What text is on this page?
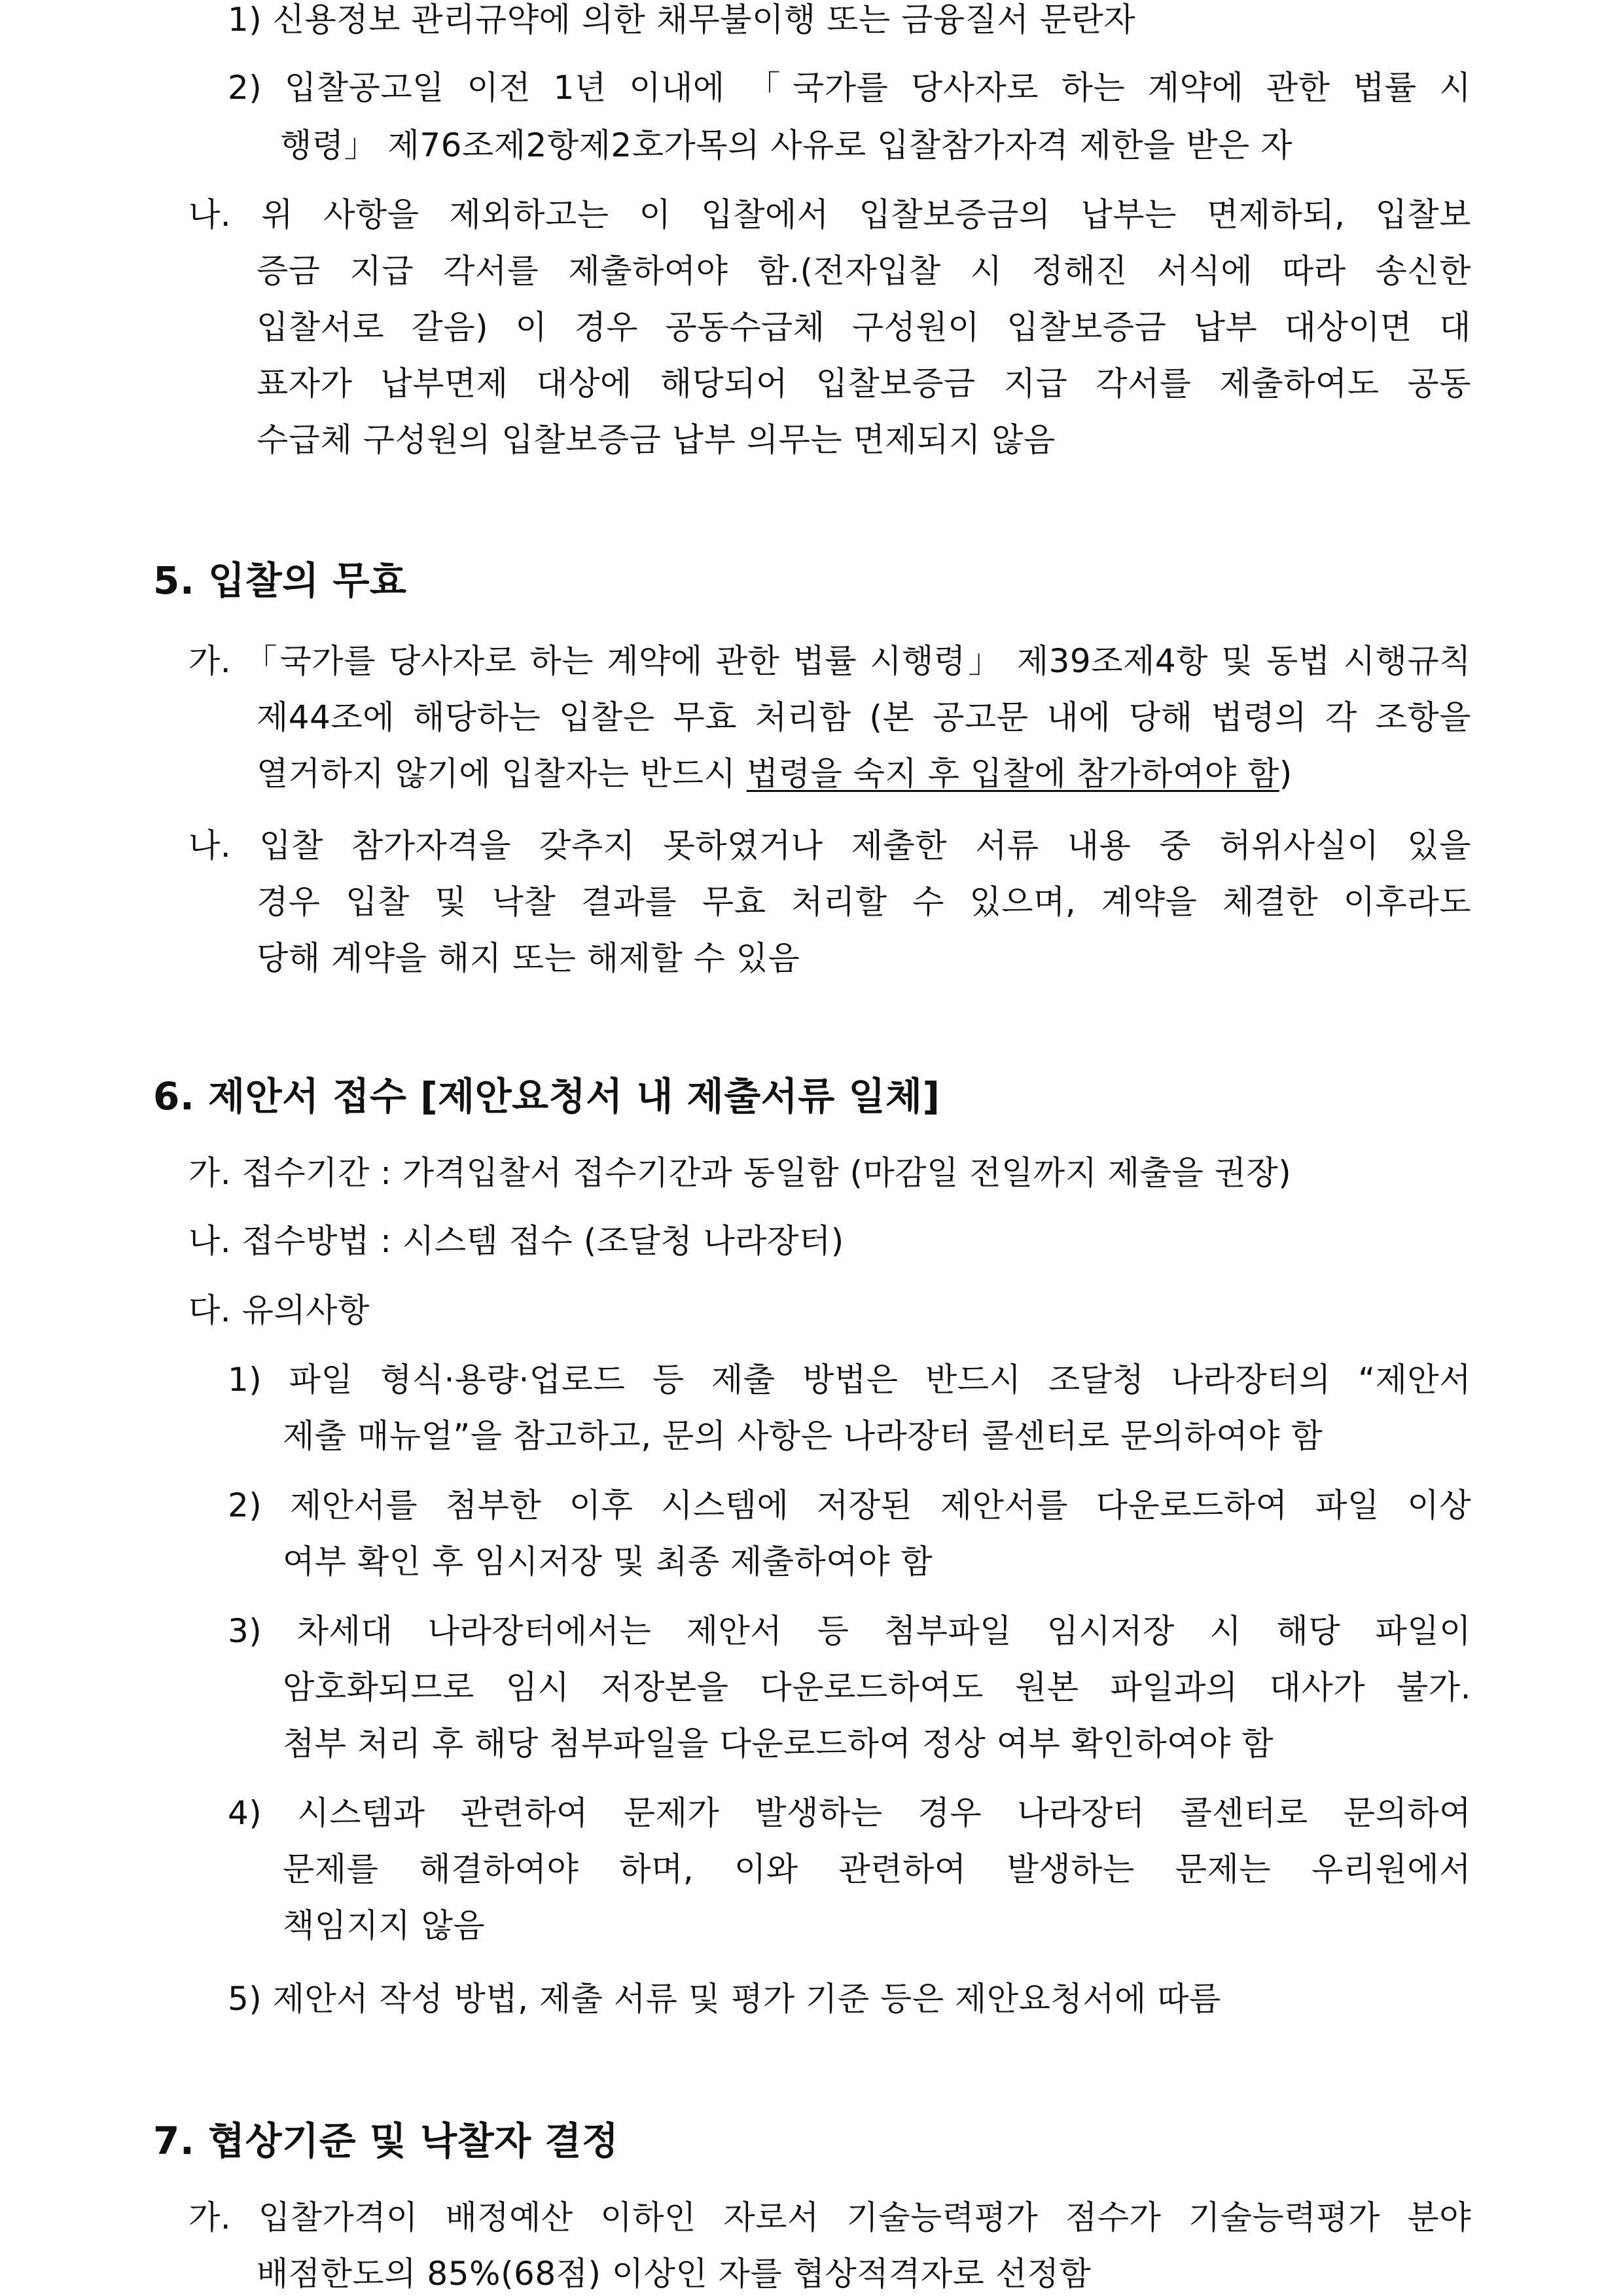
1) 신용정보 관리규약에 의한 채무불이행 또는 금융질서 문란자
2) 입찰공고일 이전 1년 이내에 「국가를 당사자로 하는 계약에 관한 법률 시
행령」 제76조제2항제2호가목의 사유로 입찰참가자격 제한을 받은 자
나. 위 사항을 제외하고는 이 입찰에서 입찰보증금의 납부는 면제하되, 입찰보
증금 지급 각서를 제출하여야 함.(전자입찰 시 정해진 서식에 따라 송신한
입찰서로 갈음) 이 경우 공동수급체 구성원이 입찰보증금 납부 대상이면 대
표자가 납부면제 대상에 해당되어 입찰보증금 지급 각서를 제출하여도 공동
수급체 구성원의 입찰보증금 납부 의무는 면제되지 않음
5. 입찰의 무효
가. 「국가를 당사자로 하는 계약에 관한 법률 시행령」 제39조제4항 및 동법 시행규칙
제44조에 해당하는 입찰은 무효 처리함 (본 공고문 내에 당해 법령의 각 조항을
열거하지 않기에 입찰자는 반드시 법령을 숙지 후 입찰에 참가하여야 함)
나. 입찰 참가자격을 갖추지 못하였거나 제출한 서류 내용 중 허위사실이 있을
경우 입찰 및 낙찰 결과를 무효 처리할 수 있으며, 계약을 체결한 이후라도
당해 계약을 해지 또는 해제할 수 있음
6. 제안서 접수 [제안요청서 내 제출서류 일체]
가. 접수기간 : 가격입찰서 접수기간과 동일함 (마감일 전일까지 제출을 권장)
나. 접수방법 : 시스템 접수 (조달청 나라장터)
다. 유의사항
1) 파일 형식·용량·업로드 등 제출 방법은 반드시 조달청 나라장터의 “제안서
제출 매뉴얼”을 참고하고, 문의 사항은 나라장터 콜센터로 문의하여야 함
2) 제안서를 첨부한 이후 시스템에 저장된 제안서를 다운로드하여 파일 이상
여부 확인 후 임시저장 및 최종 제출하여야 함
3) 차세대 나라장터에서는 제안서 등 첨부파일 임시저장 시 해당 파일이
암호화되므로 임시 저장본을 다운로드하여도 원본 파일과의 대사가 불가.
첨부 처리 후 해당 첨부파일을 다운로드하여 정상 여부 확인하여야 함
4) 시스템과 관련하여 문제가 발생하는 경우 나라장터 콜센터로 문의하여
문제를 해결하여야 하며, 이와 관련하여 발생하는 문제는 우리원에서
책임지지 않음
5) 제안서 작성 방법, 제출 서류 및 평가 기준 등은 제안요청서에 따름
7. 협상기준 및 낙찰자 결정
가. 입찰가격이 배정예산 이하인 자로서 기술능력평가 점수가 기술능력평가 분야
배점한도의 85%(68점) 이상인 자를 협상적격자로 선정함
